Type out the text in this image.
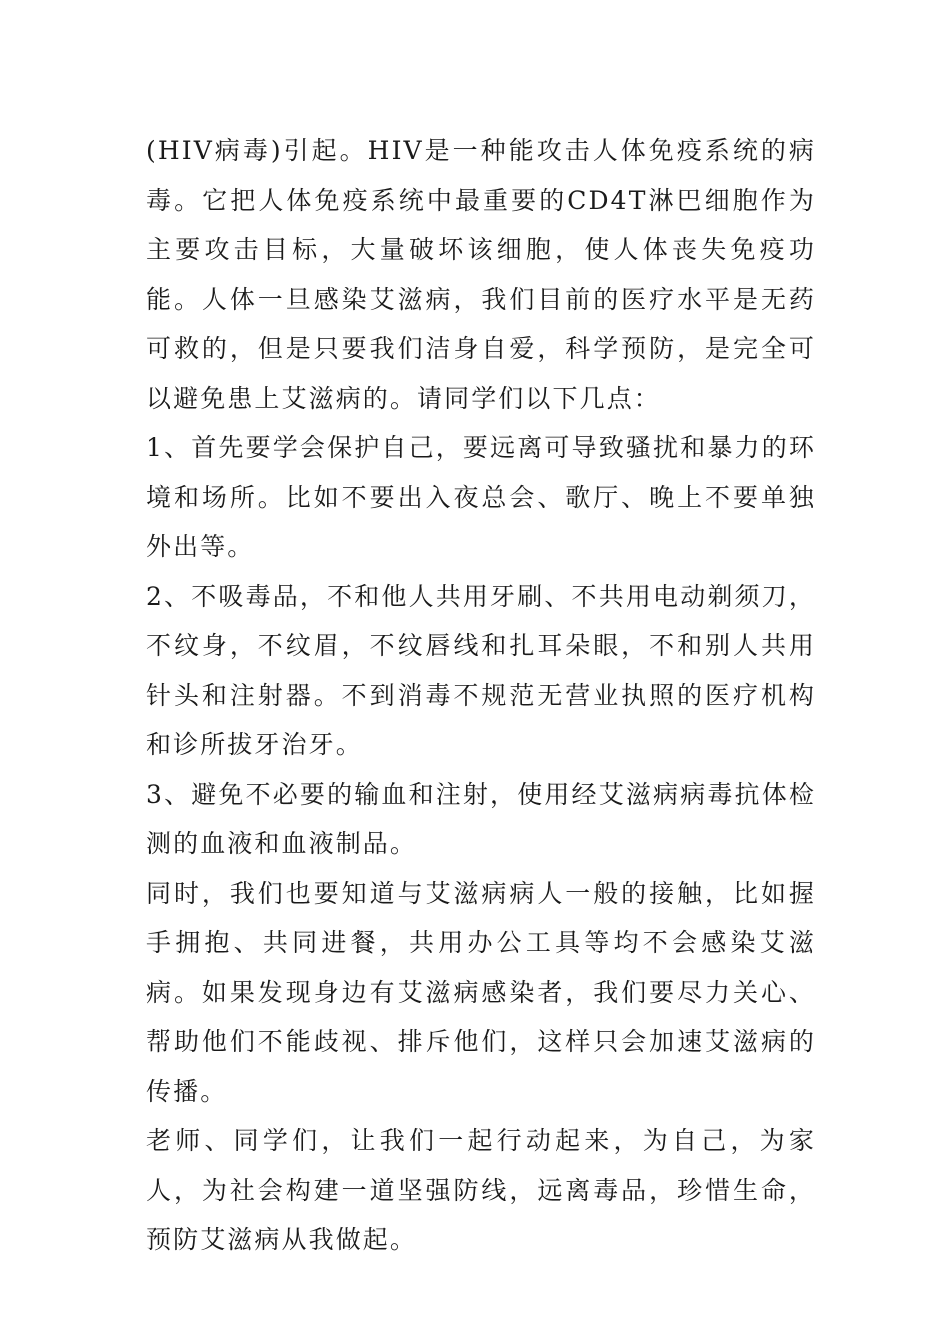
(HIV病毒)引起。HIV是一种能攻击人体免疫系统的病毒。它把人体免疫系统中最重要的CD4T淋巴细胞作为主要攻击目标，大量破坏该细胞，使人体丧失免疫功能。人体一旦感染艾滋病，我们目前的医疗水平是无药可救的，但是只要我们洁身自爱，科学预防，是完全可以避免患上艾滋病的。请同学们以下几点：

1、首先要学会保护自己，要远离可导致骚扰和暴力的环境和场所。比如不要出入夜总会、歌厅、晚上不要单独外出等。

2、不吸毒品，不和他人共用牙刷、不共用电动剃须刀，不纹身，不纹眉，不纹唇线和扎耳朵眼，不和别人共用针头和注射器。不到消毒不规范无营业执照的医疗机构和诊所拔牙治牙。

3、避免不必要的输血和注射，使用经艾滋病病毒抗体检测的血液和血液制品。

同时，我们也要知道与艾滋病病人一般的接触，比如握手拥抱、共同进餐，共用办公工具等均不会感染艾滋病。如果发现身边有艾滋病感染者，我们要尽力关心、帮助他们不能歧视、排斥他们，这样只会加速艾滋病的传播。

老师、同学们，让我们一起行动起来，为自己，为家人，为社会构建一道坚强防线，远离毒品，珍惜生命，预防艾滋病从我做起。
